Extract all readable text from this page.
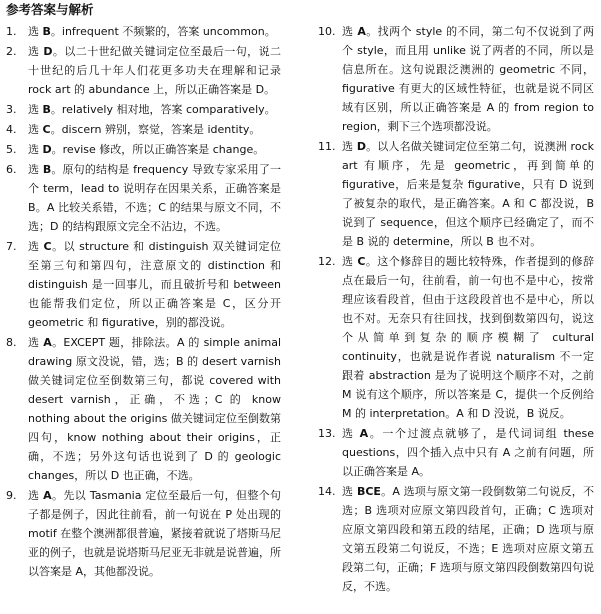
参考答案与解析
1.	选 B。infrequent 不频繁的，答案 uncommon。
2.	选 D。以二十世纪做关键词定位至最后一句，说二十世纪的后几十年人们花更多功夫在理解和记录 rock art 的 abundance 上，所以正确答案是 D。
3.	选 B。relatively 相对地，答案 comparatively。
4.	选 C。discern 辨别，察觉，答案是 identity。
5.	选 D。revise 修改，所以正确答案是 change。
6.	选 B。原句的结构是 frequency 导致专家采用了一个 term，lead to 说明存在因果关系，正确答案是 B。A 比较关系错，不选；C 的结果与原文不同，不选；D 的结构跟原文完全不沾边，不选。
7.	选 C。以 structure 和 distinguish 双关键词定位至第三句和第四句，注意原文的 distinction 和 distinguish 是一回事儿，而且破折号和 between 也能帮我们定位，所以正确答案是 C，区分开 geometric 和 figurative，别的都没说。
8.	选 A。EXCEPT 题，排除法。A 的 simple animal drawing 原文没说，错，选；B 的 desert varnish 做关键词定位至倒数第三句，都说 covered with desert varnish，正确，不选；C 的 know nothing about the origins 做关键词定位至倒数第四句，know nothing about their origins，正确，不选；另外这句话也说到了 D 的 geologic changes，所以 D 也正确，不选。
9.	选 A。先以 Tasmania 定位至最后一句，但整个句子都是例子，因此往前看，前一句说在 P 处出现的 motif 在整个澳洲都很普遍，紧接着就说了塔斯马尼亚的例子，也就是说塔斯马尼亚无非就是说普遍，所以答案是 A，其他都没说。
10. 选 A。找两个 style 的不同，第二句不仅说到了两个 style，而且用 unlike 说了两者的不同，所以是信息所在。这句说跟泛澳洲的 geometric 不同，figurative 有更大的区域性特征，也就是说不同区域有区别，所以正确答案是 A 的 from region to region，剩下三个选项都没说。
11. 选 D。以人名做关键词定位至第二句，说澳洲 rock art 有顺序，先是 geometric，再到简单的 figurative，后来是复杂 figurative，只有 D 说到了被复杂的取代，是正确答案。A 和 C 都没说，B 说到了 sequence，但这个顺序已经确定了，而不是 B 说的 determine，所以 B 也不对。
12. 选 C。这个修辞目的题比较特殊，作者提到的修辞点在最后一句，往前看，前一句也不是中心，按常理应该看段首，但由于这段段首也不是中心，所以也不对。无奈只有往回找，找到倒数第四句，说这个从简单到复杂的顺序模糊了 cultural continuity，也就是说作者说 naturalism 不一定跟着 abstraction 是为了说明这个顺序不对，之前 M 说有这个顺序，所以答案是 C，提供一个反例给 M 的 interpretation。A 和 D 没说，B 说反。
13. 选 A。一个过渡点就够了，是代词词组 these questions，四个插入点中只有 A 之前有问题，所以正确答案是 A。
14. 选 BCE。A 选项与原文第一段倒数第二句说反，不选；B 选项对应原文第四段首句，正确；C 选项对应原文第四段和第五段的结尾，正确；D 选项与原文第五段第二句说反，不选；E 选项对应原文第五段第二句，正确；F 选项与原文第四段倒数第四句说反，不选。
